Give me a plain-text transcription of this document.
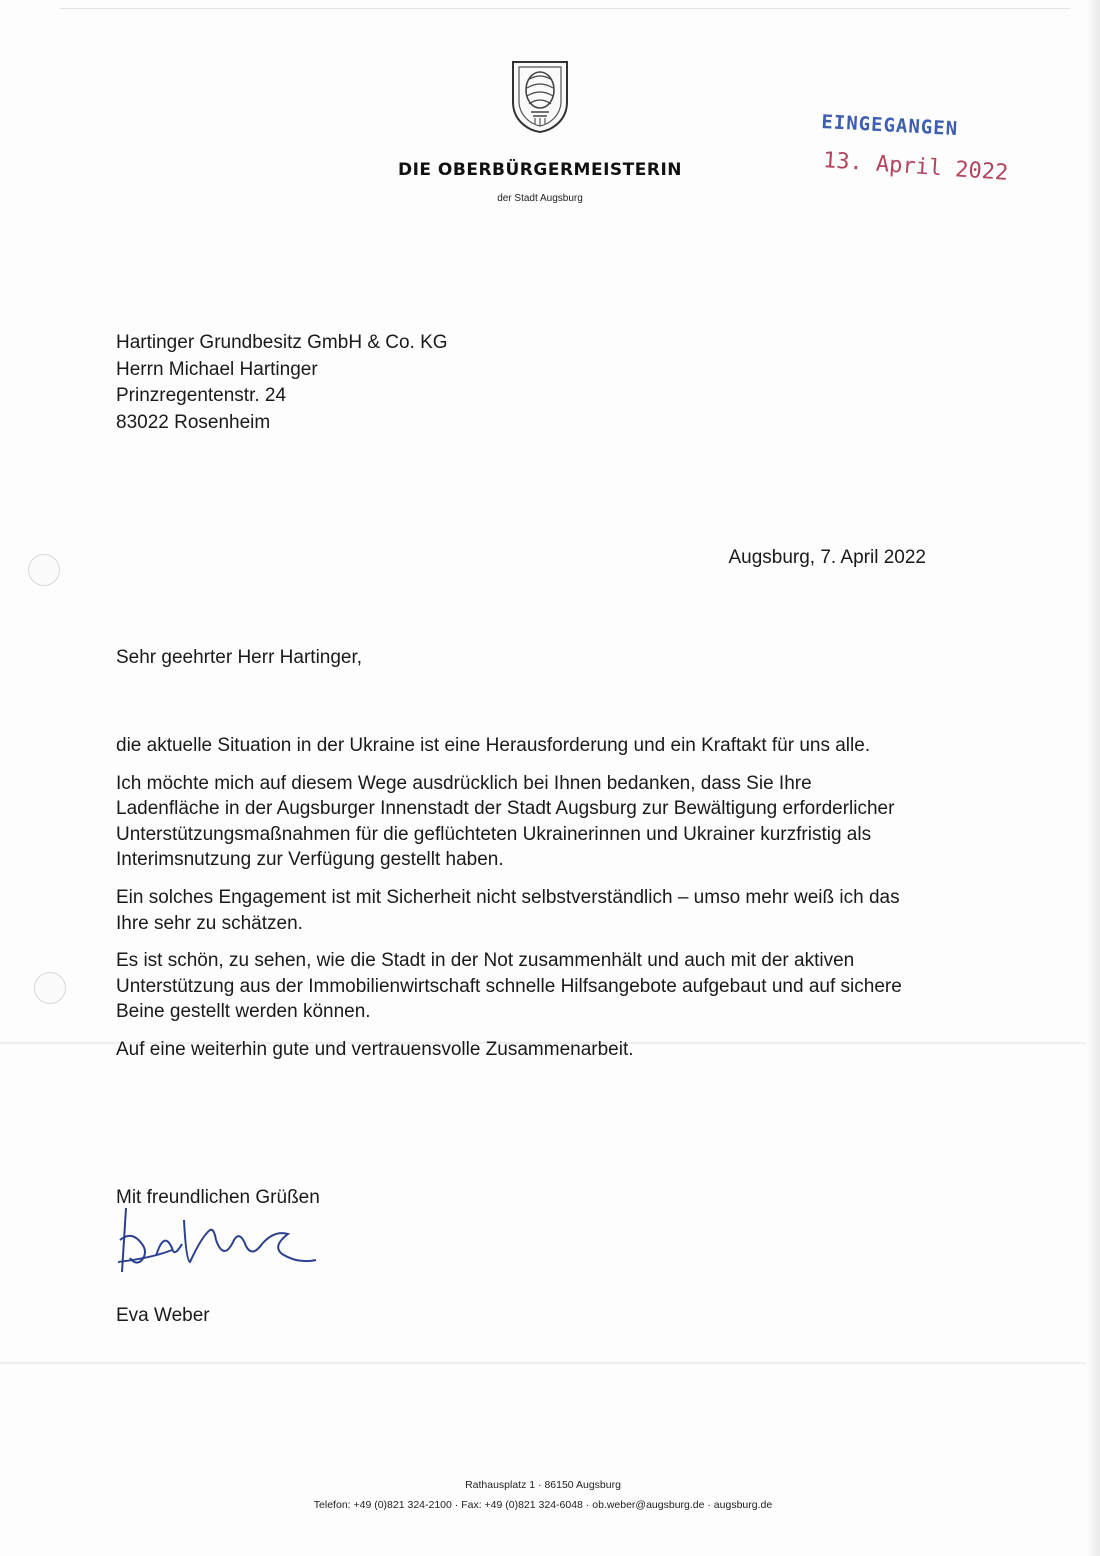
DIE OBERBÜRGERMEISTERIN
der Stadt Augsburg
EINGEGANGEN
13. April 2022
Hartinger Grundbesitz GmbH & Co. KG
Herrn Michael Hartinger
Prinzregentenstr. 24
83022 Rosenheim
Augsburg, 7. April 2022
Sehr geehrter Herr Hartinger,

die aktuelle Situation in der Ukraine ist eine Herausforderung und ein Kraftakt für uns alle.

Ich möchte mich auf diesem Wege ausdrücklich bei Ihnen bedanken, dass Sie Ihre Ladenfläche in der Augsburger Innenstadt der Stadt Augsburg zur Bewältigung erforderlicher Unterstützungsmaßnahmen für die geflüchteten Ukrainerinnen und Ukrainer kurzfristig als Interimsnutzung zur Verfügung gestellt haben.

Ein solches Engagement ist mit Sicherheit nicht selbstverständlich – umso mehr weiß ich das Ihre sehr zu schätzen.

Es ist schön, zu sehen, wie die Stadt in der Not zusammenhält und auch mit der aktiven Unterstützung aus der Immobilienwirtschaft schnelle Hilfsangebote aufgebaut und auf sichere Beine gestellt werden können.

Auf eine weiterhin gute und vertrauensvolle Zusammenarbeit.

Mit freundlichen Grüßen
Eva Weber
Rathausplatz 1 · 86150 Augsburg
Telefon: +49 (0)821 324-2100 · Fax: +49 (0)821 324-6048 · ob.weber@augsburg.de · augsburg.de
